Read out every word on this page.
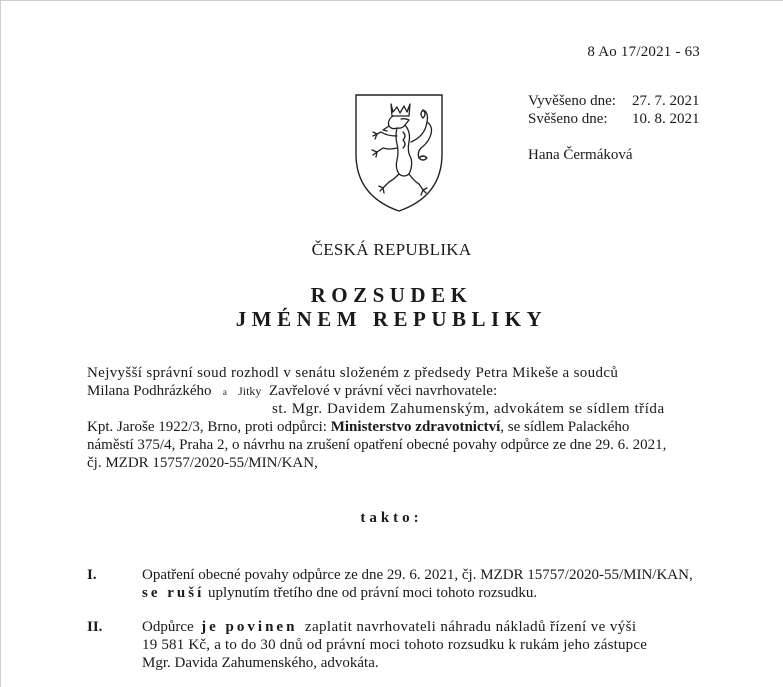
8 Ao 17/2021 - 63
Vyvěšeno dne:	27. 7. 2021
Svěšeno dne:	10. 8. 2021
Hana Čermáková
ČESKÁ REPUBLIKA
ROZSUDEK
JMÉNEM REPUBLIKY
Nejvyšší správní soud rozhodl v senátu složeném z předsedy Petra Mikeše a soudců
Milana Podhrázkého a Jitky Zavřelové v právní věci navrhovatele:
st. Mgr. Davidem Zahumenským, advokátem se sídlem třída
Kpt. Jaroše 1922/3, Brno, proti odpůrci: Ministerstvo zdravotnictví, se sídlem Palackého
náměstí 375/4, Praha 2, o návrhu na zrušení opatření obecné povahy odpůrce ze dne 29. 6. 2021,
čj. MZDR 15757/2020-55/MIN/KAN,
takto:
I.	Opatření obecné povahy odpůrce ze dne 29. 6. 2021, čj. MZDR 15757/2020-55/MIN/KAN,
se ruší uplynutím třetího dne od právní moci tohoto rozsudku.
II.	Odpůrce je povinen zaplatit navrhovateli náhradu nákladů řízení ve výši
19 581 Kč, a to do 30 dnů od právní moci tohoto rozsudku k rukám jeho zástupce
Mgr. Davida Zahumenského, advokáta.
